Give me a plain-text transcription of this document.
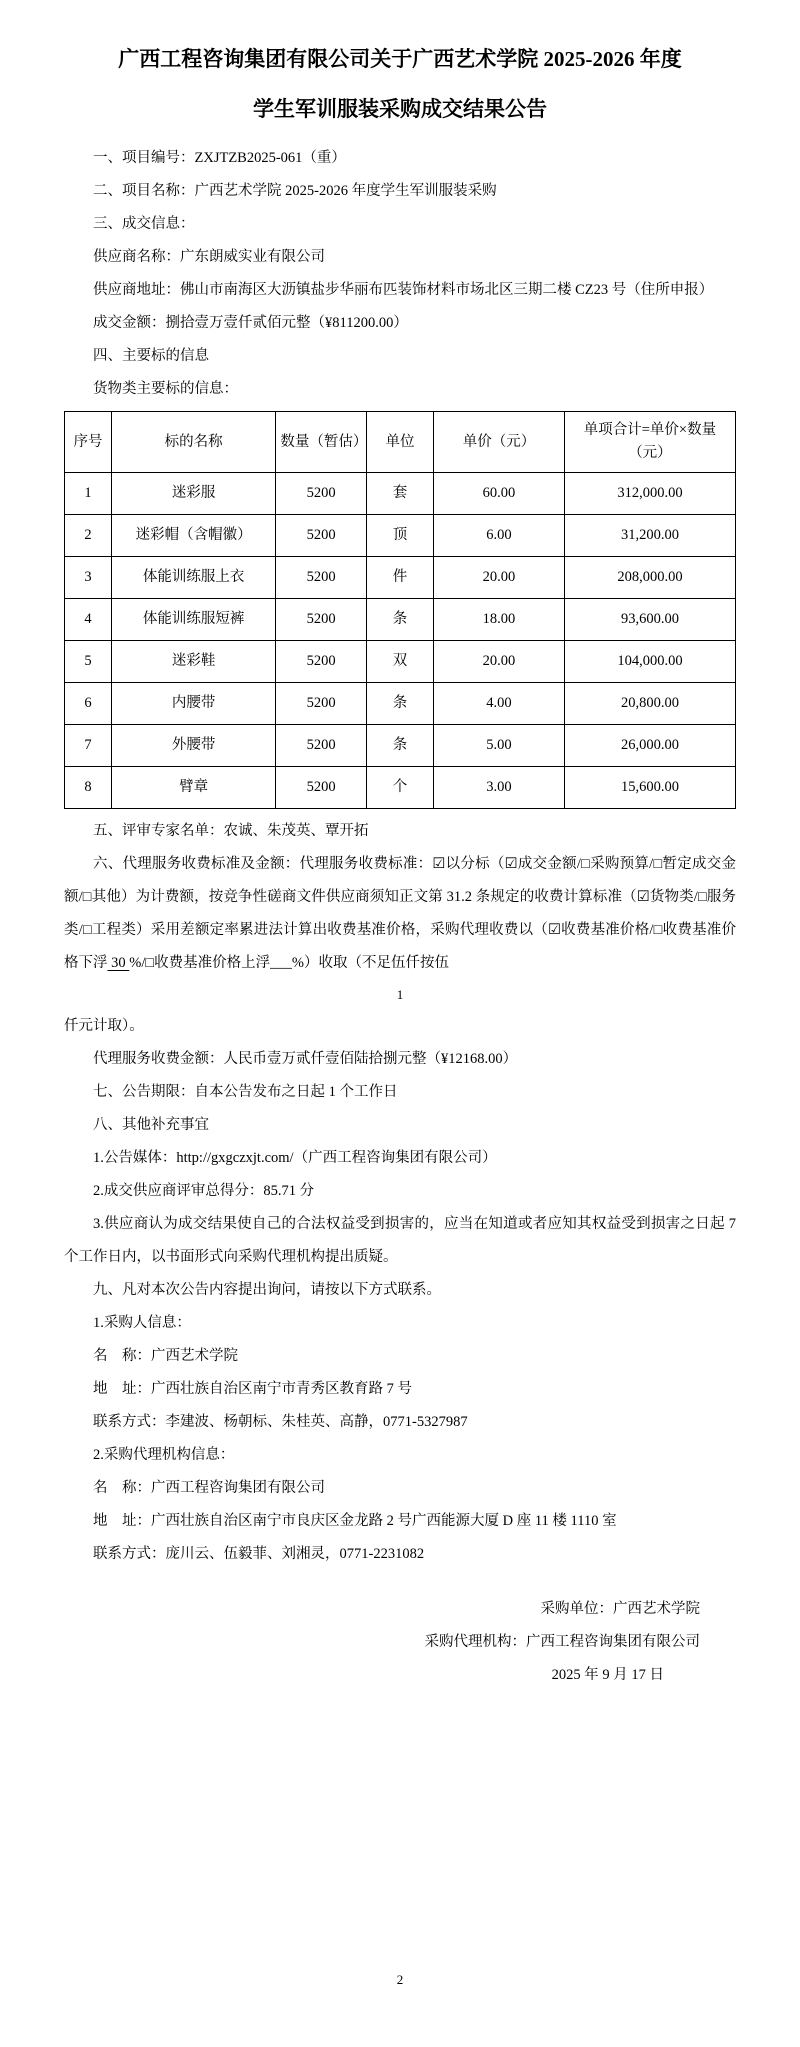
广西工程咨询集团有限公司关于广西艺术学院 2025-2026 年度
学生军训服装采购成交结果公告

一、项目编号：ZXJTZB2025-061（重）

二、项目名称：广西艺术学院 2025-2026 年度学生军训服装采购

三、成交信息：

供应商名称：广东朗威实业有限公司

供应商地址：佛山市南海区大沥镇盐步华丽布匹装饰材料市场北区三期二楼 CZ23 号（住所申报）

成交金额：捌拾壹万壹仟贰佰元整（¥811200.00）

四、主要标的信息

货物类主要标的信息：

序号	标的名称	数量（暂估）	单位	单价（元）	单项合计=单价×数量
（元）

1	迷彩服	5200	套	60.00	312,000.00
2	迷彩帽（含帽徽）	5200	顶	6.00	31,200.00
3	体能训练服上衣	5200	件	20.00	208,000.00
4	体能训练服短裤	5200	条	18.00	93,600.00
5	迷彩鞋	5200	双	20.00	104,000.00
6	内腰带	5200	条	4.00	20,800.00
7	外腰带	5200	条	5.00	26,000.00
8	臂章	5200	个	3.00	15,600.00

五、评审专家名单：农诚、朱茂英、覃开拓

六、代理服务收费标准及金额：代理服务收费标准：☑以分标（☑成交金额/□采购预算/□暂定成交金额/□其他）为计费额，按竞争性磋商文件供应商须知正文第 31.2 条规定的收费计算标准（☑货物类/□服务类/□工程类）采用差额定率累进法计算出收费基准价格，采购代理收费以（☑收费基准价格/□收费基准价格下浮 30 %/□收费基准价格上浮___%）收取（不足伍仟按伍

1

仟元计取）。

代理服务收费金额：人民币壹万贰仟壹佰陆拾捌元整（¥12168.00）

七、公告期限：自本公告发布之日起 1 个工作日

八、其他补充事宜

1.公告媒体：http://gxgczxjt.com/（广西工程咨询集团有限公司）

2.成交供应商评审总得分：85.71 分

3.供应商认为成交结果使自己的合法权益受到损害的，应当在知道或者应知其权益受到损害之日起 7 个工作日内，以书面形式向采购代理机构提出质疑。

九、凡对本次公告内容提出询问，请按以下方式联系。

1.采购人信息：

名　称：广西艺术学院

地　址：广西壮族自治区南宁市青秀区教育路 7 号

联系方式：李建波、杨朝标、朱桂英、高静，0771-5327987

2.采购代理机构信息：

名　称：广西工程咨询集团有限公司

地　址：广西壮族自治区南宁市良庆区金龙路 2 号广西能源大厦 D 座 11 楼 1110 室

联系方式：庞川云、伍毅菲、刘湘灵，0771-2231082

采购单位：广西艺术学院
采购代理机构：广西工程咨询集团有限公司
2025 年 9 月 17 日
2
